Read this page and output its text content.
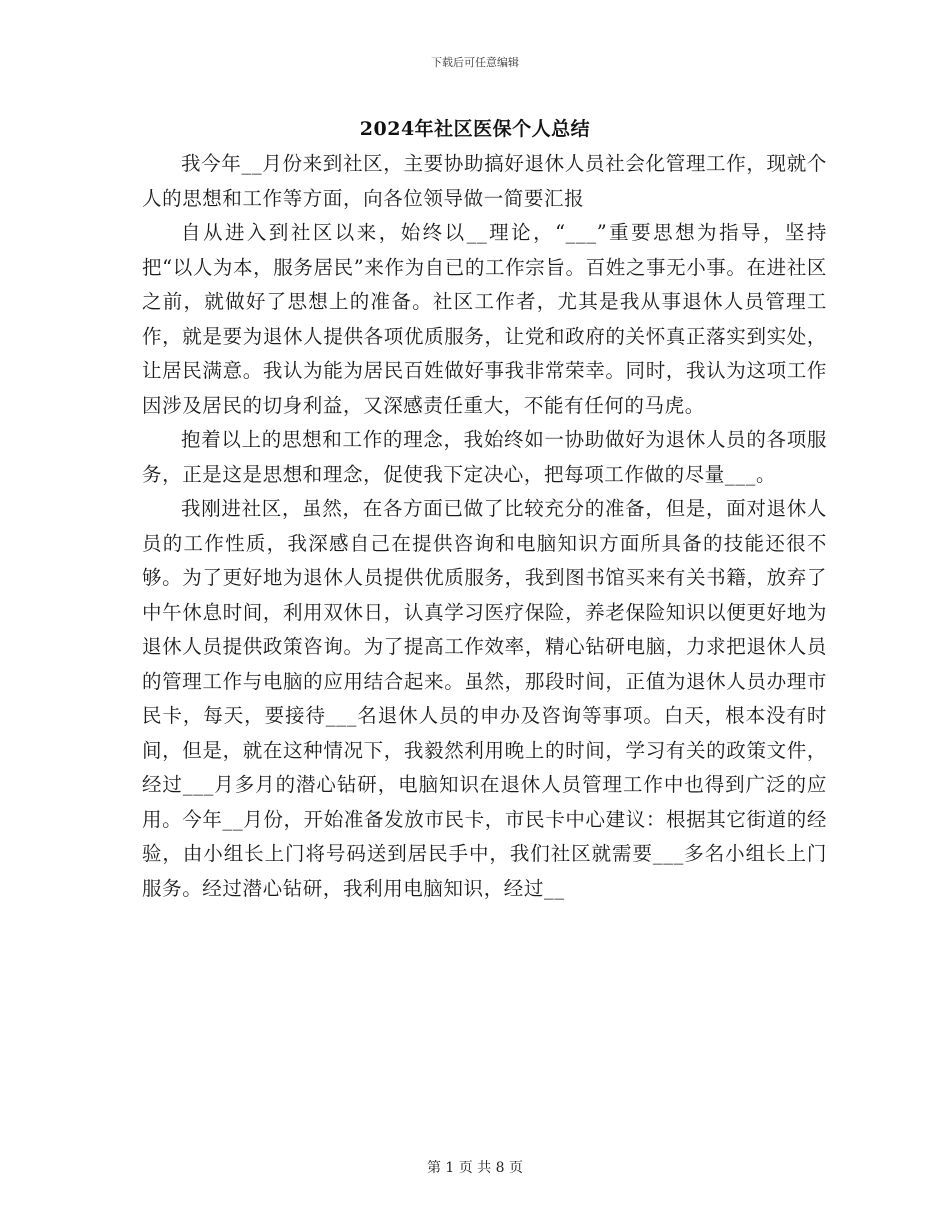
下载后可任意编辑
2024年社区医保个人总结

我今年__月份来到社区，主要协助搞好退休人员社会化管理工作，现就个人的思想和工作等方面，向各位领导做一简要汇报

自从进入到社区以来，始终以__理论，“___”重要思想为指导，坚持把“以人为本，服务居民”来作为自已的工作宗旨。百姓之事无小事。在进社区之前，就做好了思想上的准备。社区工作者，尤其是我从事退休人员管理工作，就是要为退休人提供各项优质服务，让党和政府的关怀真正落实到实处，让居民满意。我认为能为居民百姓做好事我非常荣幸。同时，我认为这项工作因涉及居民的切身利益，又深感责任重大，不能有任何的马虎。

抱着以上的思想和工作的理念，我始终如一协助做好为退休人员的各项服务，正是这是思想和理念，促使我下定决心，把每项工作做的尽量___。

我刚进社区，虽然，在各方面已做了比较充分的准备，但是，面对退休人员的工作性质，我深感自己在提供咨询和电脑知识方面所具备的技能还很不够。为了更好地为退休人员提供优质服务，我到图书馆买来有关书籍，放弃了中午休息时间，利用双休日，认真学习医疗保险，养老保险知识以便更好地为退休人员提供政策咨询。为了提高工作效率，精心钻研电脑，力求把退休人员的管理工作与电脑的应用结合起来。虽然，那段时间，正值为退休人员办理市民卡，每天，要接待___名退休人员的申办及咨询等事项。白天，根本没有时间，但是，就在这种情况下，我毅然利用晚上的时间，学习有关的政策文件，经过___月多月的潜心钻研，电脑知识在退休人员管理工作中也得到广泛的应用。今年__月份，开始准备发放市民卡，市民卡中心建议：根据其它街道的经验，由小组长上门将号码送到居民手中，我们社区就需要___多名小组长上门服务。经过潜心钻研，我利用电脑知识，经过__

第 1 页 共 8 页
